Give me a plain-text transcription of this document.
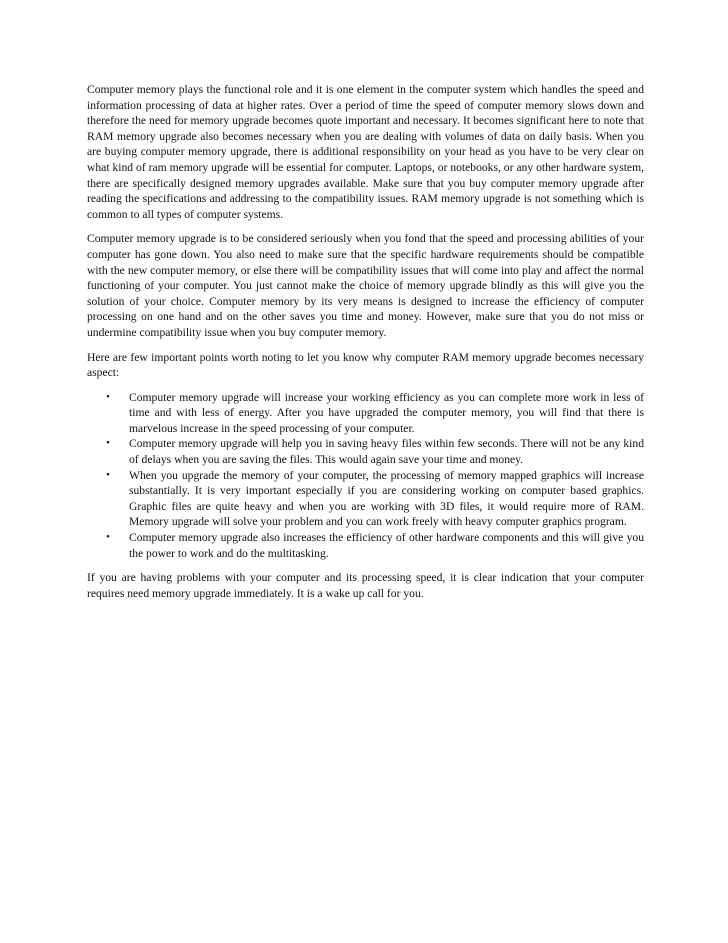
Computer memory plays the functional role and it is one element in the computer system which handles the speed and information processing of data at higher rates. Over a period of time the speed of computer memory slows down and therefore the need for memory upgrade becomes quote important and necessary. It becomes significant here to note that RAM memory upgrade also becomes necessary when you are dealing with volumes of data on daily basis. When you are buying computer memory upgrade, there is additional responsibility on your head as you have to be very clear on what kind of ram memory upgrade will be essential for computer. Laptops, or notebooks, or any other hardware system, there are specifically designed memory upgrades available. Make sure that you buy computer memory upgrade after reading the specifications and addressing to the compatibility issues. RAM memory upgrade is not something which is common to all types of computer systems.

Computer memory upgrade is to be considered seriously when you fond that the speed and processing abilities of your computer has gone down. You also need to make sure that the specific hardware requirements should be compatible with the new computer memory, or else there will be compatibility issues that will come into play and affect the normal functioning of your computer. You just cannot make the choice of memory upgrade blindly as this will give you the solution of your choice. Computer memory by its very means is designed to increase the efficiency of computer processing on one hand and on the other saves you time and money. However, make sure that you do not miss or undermine compatibility issue when you buy computer memory.

Here are few important points worth noting to let you know why computer RAM memory upgrade becomes necessary aspect:

• Computer memory upgrade will increase your working efficiency as you can complete more work in less of time and with less of energy. After you have upgraded the computer memory, you will find that there is marvelous increase in the speed processing of your computer.
• Computer memory upgrade will help you in saving heavy files within few seconds. There will not be any kind of delays when you are saving the files. This would again save your time and money.
• When you upgrade the memory of your computer, the processing of memory mapped graphics will increase substantially. It is very important especially if you are considering working on computer based graphics. Graphic files are quite heavy and when you are working with 3D files, it would require more of RAM. Memory upgrade will solve your problem and you can work freely with heavy computer graphics program.
• Computer memory upgrade also increases the efficiency of other hardware components and this will give you the power to work and do the multitasking.

If you are having problems with your computer and its processing speed, it is clear indication that your computer requires need memory upgrade immediately. It is a wake up call for you.
